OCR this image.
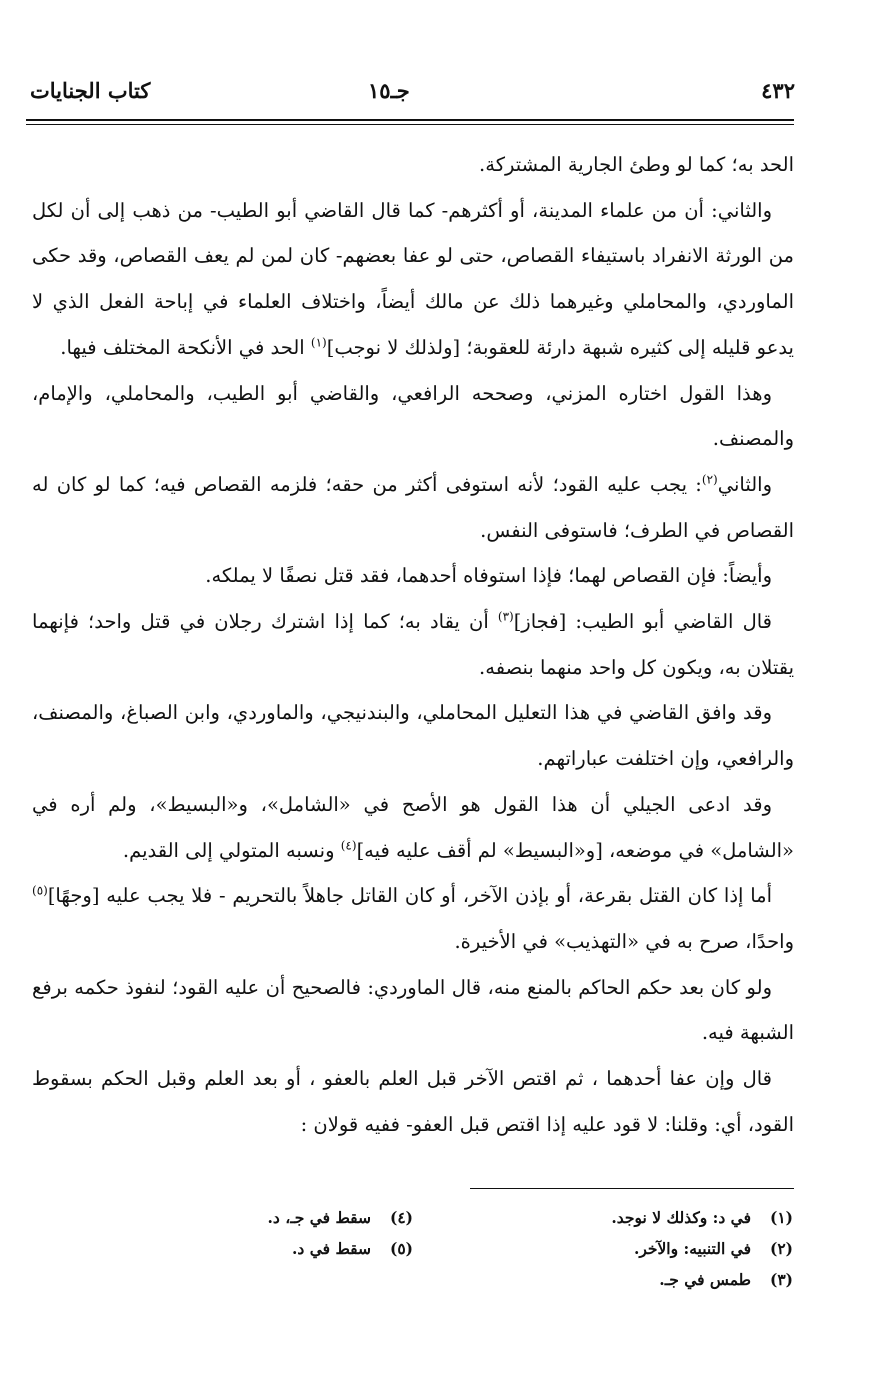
٤٣٢
جـ١٥
كتاب الجنايات

الحد به؛ كما لو وطئ الجارية المشتركة.

والثاني: أن من علماء المدينة، أو أكثرهم- كما قال القاضي أبو الطيب- من ذهب إلى أن لكل من الورثة الانفراد باستيفاء القصاص، حتى لو عفا بعضهم- كان لمن لم يعف القصاص، وقد حكى الماوردي، والمحاملي وغيرهما ذلك عن مالك أيضاً، واختلاف العلماء في إباحة الفعل الذي لا يدعو قليله إلى كثيره شبهة دارئة للعقوبة؛ [ولذلك لا نوجب]$^{(١)}$ الحد في الأنكحة المختلف فيها.

وهذا القول اختاره المزني، وصححه الرافعي، والقاضي أبو الطيب، والمحاملي، والإمام، والمصنف.

والثاني$^{(٢)}$: يجب عليه القود؛ لأنه استوفى أكثر من حقه؛ فلزمه القصاص فيه؛ كما لو كان له القصاص في الطرف؛ فاستوفى النفس.

وأيضاً: فإن القصاص لهما؛ فإذا استوفاه أحدهما، فقد قتل نصفًا لا يملكه.

قال القاضي أبو الطيب: [فجاز]$^{(٣)}$ أن يقاد به؛ كما إذا اشترك رجلان في قتل واحد؛ فإنهما يقتلان به، ويكون كل واحد منهما بنصفه.

وقد وافق القاضي في هذا التعليل المحاملي، والبندنيجي، والماوردي، وابن الصباغ، والمصنف، والرافعي، وإن اختلفت عباراتهم.

وقد ادعى الجيلي أن هذا القول هو الأصح في «الشامل»، و«البسيط»، ولم أره في «الشامل» في موضعه، [و«البسيط» لم أقف عليه فيه]$^{(٤)}$ ونسبه المتولي إلى القديم.

أما إذا كان القتل بقرعة، أو بإذن الآخر، أو كان القاتل جاهلاً بالتحريم - فلا يجب عليه [وجهًا]$^{(٥)}$ واحدًا، صرح به في «التهذيب» في الأخيرة.

ولو كان بعد حكم الحاكم بالمنع منه، قال الماوردي: فالصحيح أن عليه القود؛ لنفوذ حكمه برفع الشبهة فيه.

قال وإن عفا أحدهما ، ثم اقتص الآخر قبل العلم بالعفو ، أو بعد العلم وقبل الحكم بسقوط القود، أي: وقلنا: لا قود عليه إذا اقتص قبل العفو- ففيه قولان :

(١)في د: وكذلك لا نوجد.
(٢)في التنبيه: والآخر.
(٣)طمس في جـ.
(٤)سقط في جـ، د.
(٥)سقط في د.
